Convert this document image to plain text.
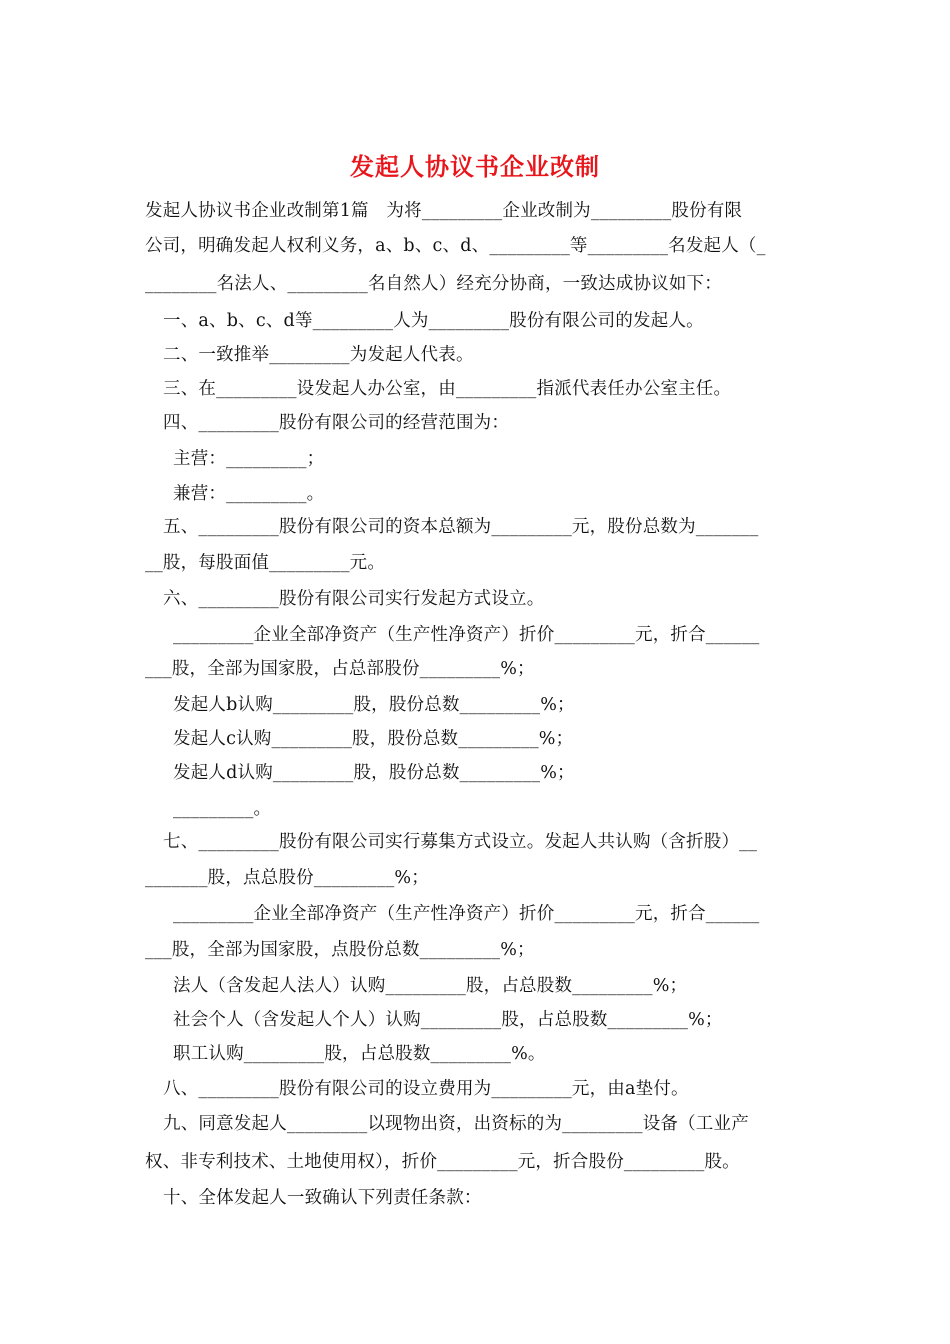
发起人协议书企业改制
发起人协议书企业改制第1篇　为将_________企业改制为_________股份有限
公司，明确发起人权利义务，a、b、c、d、_________等_________名发起人（_
________名法人、_________名自然人）经充分协商，一致达成协议如下：
一、a、b、c、d等_________人为_________股份有限公司的发起人。
二、一致推举_________为发起人代表。
三、在_________设发起人办公室，由_________指派代表任办公室主任。
四、_________股份有限公司的经营范围为：
主营：_________；
兼营：_________。
五、_________股份有限公司的资本总额为_________元，股份总数为_______
__股，每股面值_________元。
六、_________股份有限公司实行发起方式设立。
_________企业全部净资产（生产性净资产）折价_________元，折合______
___股，全部为国家股，占总部股份_________%；
发起人b认购_________股，股份总数_________%；
发起人c认购_________股，股份总数_________%；
发起人d认购_________股，股份总数_________%；
_________。
七、_________股份有限公司实行募集方式设立。发起人共认购（含折股）__
_______股，点总股份_________%；
_________企业全部净资产（生产性净资产）折价_________元，折合______
___股，全部为国家股，点股份总数_________%；
法人（含发起人法人）认购_________股，占总股数_________%；
社会个人（含发起人个人）认购_________股，占总股数_________%；
职工认购_________股，占总股数_________%。
八、_________股份有限公司的设立费用为_________元，由a垫付。
九、同意发起人_________以现物出资，出资标的为_________设备（工业产
权、非专利技术、土地使用权），折价_________元，折合股份_________股。
十、全体发起人一致确认下列责任条款：
